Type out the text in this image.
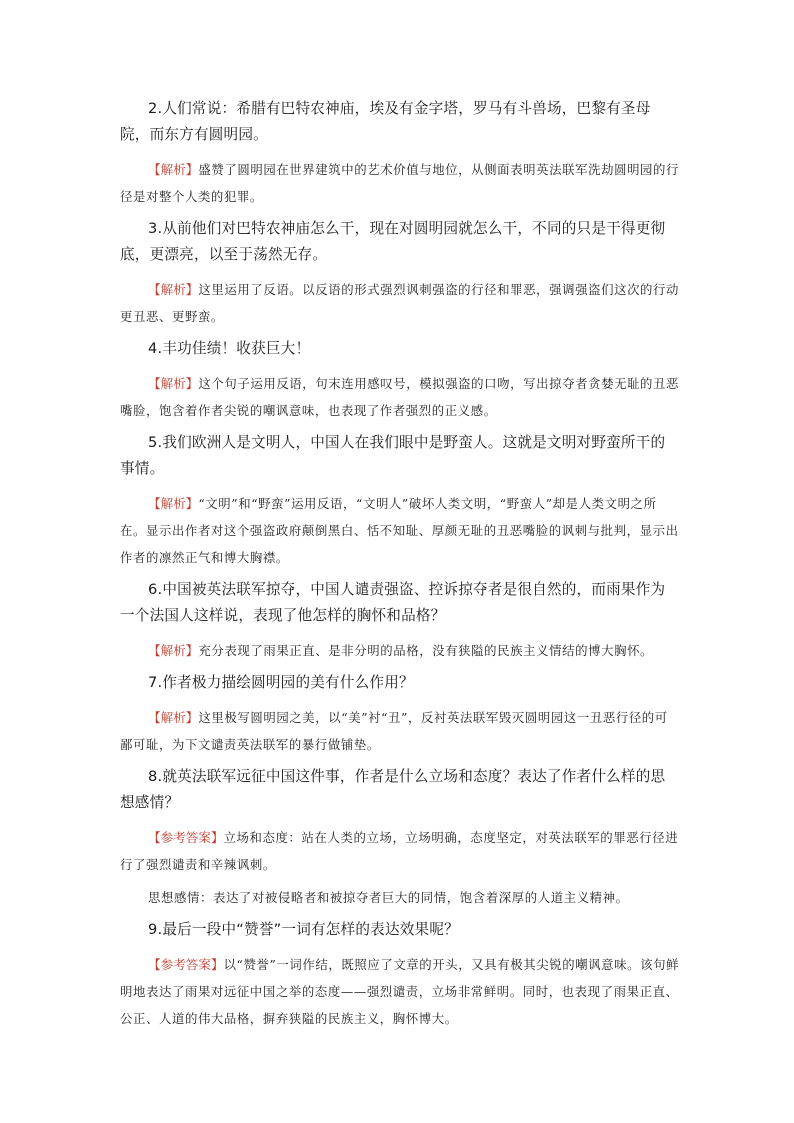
2.人们常说：希腊有巴特农神庙，埃及有金字塔，罗马有斗兽场，巴黎有圣母院，而东方有圆明园。

【解析】盛赞了圆明园在世界建筑中的艺术价值与地位，从侧面表明英法联军洗劫圆明园的行径是对整个人类的犯罪。

3.从前他们对巴特农神庙怎么干，现在对圆明园就怎么干，不同的只是干得更彻底，更漂亮，以至于荡然无存。

【解析】这里运用了反语。以反语的形式强烈讽刺强盗的行径和罪恶，强调强盗们这次的行动更丑恶、更野蛮。

4.丰功佳绩！收获巨大！

【解析】这个句子运用反语，句末连用感叹号，模拟强盗的口吻，写出掠夺者贪婪无耻的丑恶嘴脸，饱含着作者尖锐的嘲讽意味，也表现了作者强烈的正义感。

5.我们欧洲人是文明人，中国人在我们眼中是野蛮人。这就是文明对野蛮所干的事情。

【解析】“文明”和“野蛮”运用反语，“文明人”破坏人类文明，“野蛮人”却是人类文明之所在。显示出作者对这个强盗政府颠倒黑白、恬不知耻、厚颜无耻的丑恶嘴脸的讽刺与批判，显示出作者的凛然正气和博大胸襟。

6.中国被英法联军掠夺，中国人谴责强盗、控诉掠夺者是很自然的，而雨果作为一个法国人这样说，表现了他怎样的胸怀和品格？

【解析】充分表现了雨果正直、是非分明的品格，没有狭隘的民族主义情结的博大胸怀。

7.作者极力描绘圆明园的美有什么作用？

【解析】这里极写圆明园之美，以“美”衬“丑”，反衬英法联军毁灭圆明园这一丑恶行径的可鄙可耻，为下文谴责英法联军的暴行做铺垫。

8.就英法联军远征中国这件事，作者是什么立场和态度？表达了作者什么样的思想感情？

【参考答案】立场和态度：站在人类的立场，立场明确，态度坚定，对英法联军的罪恶行径进行了强烈谴责和辛辣讽刺。

思想感情：表达了对被侵略者和被掠夺者巨大的同情，饱含着深厚的人道主义精神。

9.最后一段中“赞誉”一词有怎样的表达效果呢？

【参考答案】以“赞誉”一词作结，既照应了文章的开头，又具有极其尖锐的嘲讽意味。该句鲜明地表达了雨果对远征中国之举的态度——强烈谴责，立场非常鲜明。同时，也表现了雨果正直、公正、人道的伟大品格，摒弃狭隘的民族主义，胸怀博大。
